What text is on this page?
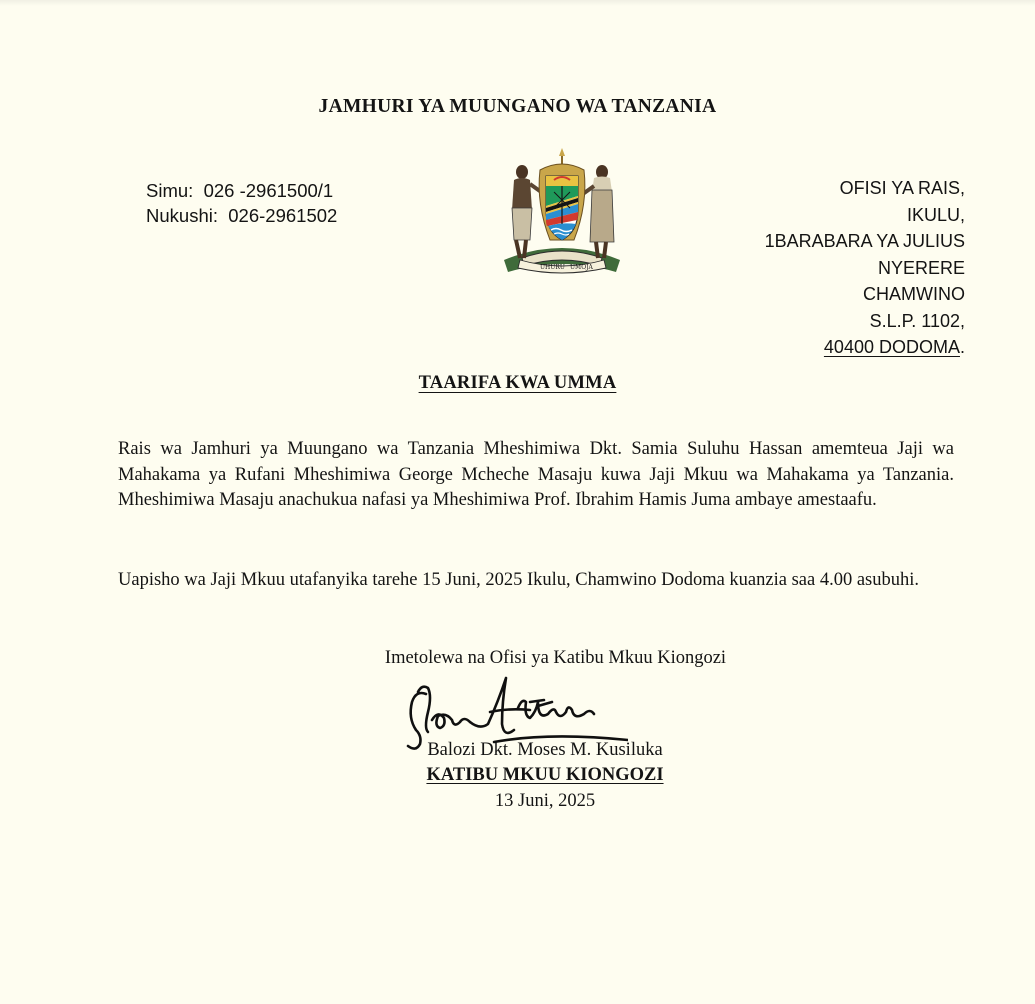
JAMHURI YA MUUNGANO WA TANZANIA
Simu: 026 -2961500/1
Nukushi: 026-2961502
UHURU UMOJA
OFISI YA RAIS,
IKULU,
1BARABARA YA JULIUS
NYERERE
CHAMWINO
S.L.P. 1102,
40400 DODOMA.
TAARIFA KWA UMMA
Rais wa Jamhuri ya Muungano wa Tanzania Mheshimiwa Dkt. Samia Suluhu Hassan amemteua Jaji wa Mahakama ya Rufani Mheshimiwa George Mcheche Masaju kuwa Jaji Mkuu wa Mahakama ya Tanzania. Mheshimiwa Masaju anachukua nafasi ya Mheshimiwa Prof. Ibrahim Hamis Juma ambaye amestaafu.
Uapisho wa Jaji Mkuu utafanyika tarehe 15 Juni, 2025 Ikulu, Chamwino Dodoma kuanzia saa 4.00 asubuhi.
Imetolewa na Ofisi ya Katibu Mkuu Kiongozi
Balozi Dkt. Moses M. Kusiluka
KATIBU MKUU KIONGOZI
13 Juni, 2025
